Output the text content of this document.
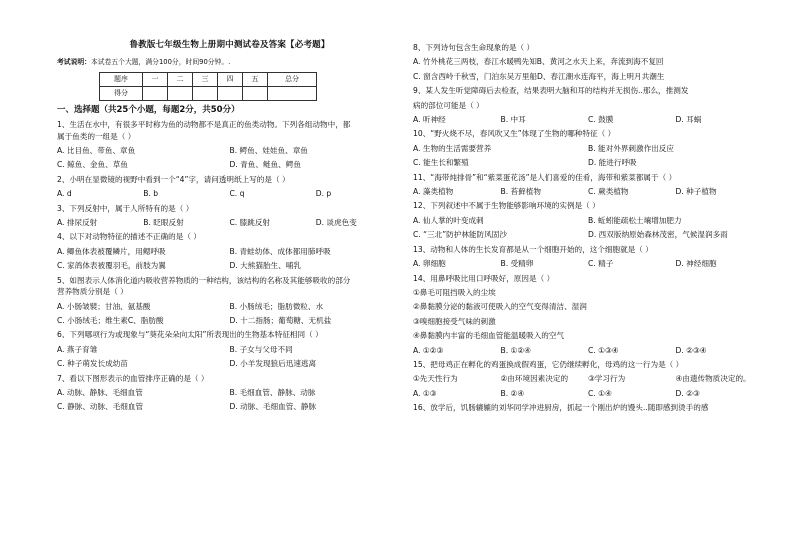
鲁教版七年级生物上册期中测试卷及答案【必考题】
考试说明：本试卷五个大题，满分100分，时间90分钟。.
题序	一	二	三	四	五	总分
得分						
一、选择题（共25个小题，每题2分，共50分）
1、生活在水中，有很多平时称为鱼的动物都不是真正的鱼类动物。下列各组动物中，都
属于鱼类的一组是（ ）
A. 比目鱼、带鱼、章鱼	B. 鳄鱼、娃娃鱼、章鱼
C. 鲸鱼、金鱼、草鱼	D. 青鱼、鲢鱼、鳄鱼
2、小明在显微镜的视野中看到一个“4”字，请问透明纸上写的是（ ）
A. d	B. b	C. q	D. p
3、下列反射中，属于人所特有的是（ ）
A. 排尿反射	B. 眨眼反射	C. 膝跳反射	D. 谈虎色变
4、以下对动物特征的描述不正确的是（ ）
A. 鲫鱼体表被覆鳞片，用鳃呼吸	B. 青蛙幼体、成体都用肺呼吸
C. 家鸽体表被覆羽毛，前肢为翼	D. 大熊猫胎生、哺乳
5、如图表示人体消化道内吸收营养物质的一种结构，该结构的名称及其能够吸收的部分
营养物质分别是（ ）
A. 小肠皱襞；甘油、氨基酸	B. 小肠绒毛；脂肪微粒、水
C. 小肠绒毛；维生素C、脂肪酸	D. 十二指肠；葡萄糖、无机盐
6、下列哪项行为或现象与“葵花朵朵向太阳”所表现出的生物基本特征相同（ ）
A. 燕子育雏	B. 子女与父母不同
C. 种子萌发长成幼苗	D. 小羊发现狼后迅速逃离
7、看以下图形表示的血管排序正确的是（ ）
A. 动脉、静脉、毛细血管	B. 毛细血管、静脉、动脉
C. 静脉、动脉、毛细血管	D. 动脉、毛细血管、静脉
8、下列诗句包含生命现象的是（ ）
A. 竹外桃花三两枝，春江水暖鸭先知B、黄河之水天上来，奔流到海不复回
C. 窗含西岭千秋雪，门泊东吴万里船D、春江潮水连海平，海上明月共潮生
9、某人发生听觉障碍后去检查，结果表明大脑和耳的结构并无损伤..那么，推测发
病的部位可能是（ ）
A. 听神经	B. 中耳	C. 鼓膜	D. 耳蜗
10、“野火烧不尽，春风吹又生”体现了生物的哪种特征（ ）
A. 生物的生活需要营养	B. 能对外界刺激作出反应
C. 能生长和繁殖	D. 能进行呼吸
11、“海带炖排骨”和“紫菜蛋花汤”是人们喜爱的佳肴，海带和紫菜都属于（ ）
A. 藻类植物	B. 苔藓植物	C. 蕨类植物	D. 种子植物
12、下列叙述中不属于生物能够影响环境的实例是（ ）
A. 仙人掌的叶变成刺	B. 蚯蚓能疏松土壤增加肥力
C. “三北”防护林能防风固沙	D. 西双版纳原始森林茂密，气候湿润多雨
13、动物和人体的生长发育都是从一个细胞开始的，这个细胞就是（ ）
A. 卵细胞	B. 受精卵	C. 精子	D. 神经细胞
14、用鼻呼吸比用口呼吸好，原因是（ ）
①鼻毛可阻挡吸入的尘埃
②鼻黏膜分泌的黏液可使吸入的空气变得清洁、湿润
③嗅细胞接受气味的刺激
④鼻黏膜内丰富的毛细血管能温暖吸入的空气
A. ①②③	B. ①②④	C. ①③④	D. ②③④
15、把母鸡正在孵化的鸡蛋换成假鸡蛋，它仍继续孵化，母鸡的这一行为是（ ）
①先天性行为	②由环境因素决定的	③学习行为	④由遗传物质决定的。
A. ①③	B. ②④	C. ①④	D. ②③
16、放学后，饥肠辘辘的刘华同学冲进厨房，抓起一个刚出炉的馒头..随即感到烫手的感
